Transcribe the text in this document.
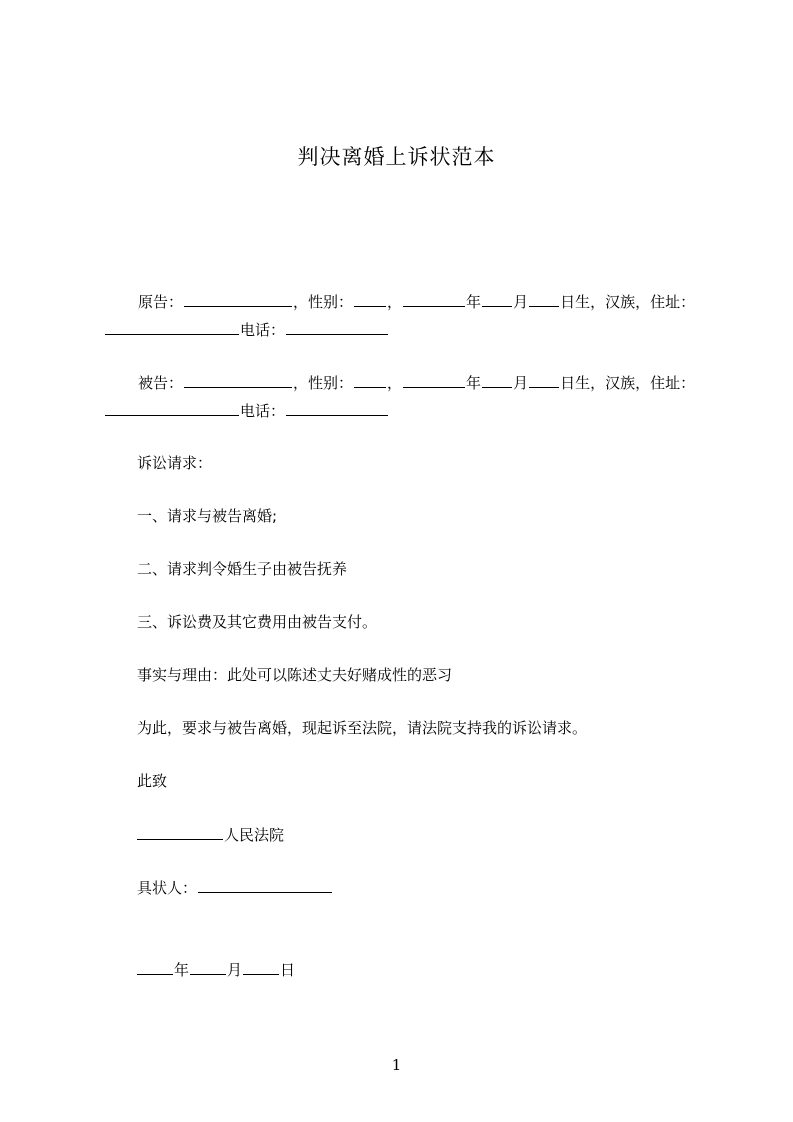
判决离婚上诉状范本
原告：	，性别： ，	年 月 日生，汉族，住址：
电话：
被告：	，性别： ，	年 月 日生，汉族，住址：
电话：
诉讼请求：
一、请求与被告离婚;
二、请求判令婚生子由被告抚养
三、诉讼费及其它费用由被告支付。
事实与理由：此处可以陈述丈夫好赌成性的恶习
为此，要求与被告离婚，现起诉至法院，请法院支持我的诉讼请求。
此致
人民法院
具状人：
年	月	日
1
